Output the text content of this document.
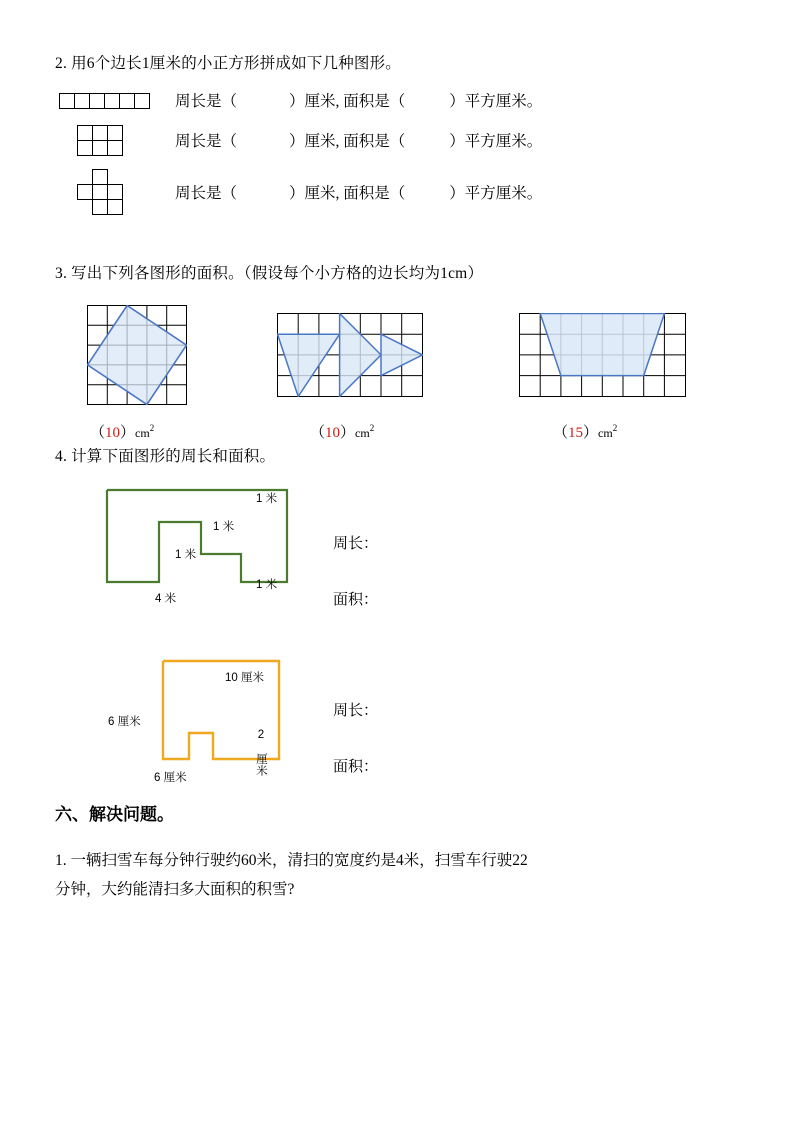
2. 用6个边长1厘米的小正方形拼成如下几种图形。
周长是（	）厘米, 面积是（	）平方厘米。
周长是（	）厘米, 面积是（	）平方厘米。
周长是（	）厘米, 面积是（	）平方厘米。
3. 写出下列各图形的面积。（假设每个小方格的边长均为1cm）
$(10)cm^2$	$(10)cm^2$	$(15)cm^2$
4. 计算下面图形的周长和面积。
1 米
1 米
1 米
1 米
4 米
周长：
面积：
10 厘米
6 厘米
2 厘米
6 厘米
周长：
面积：
六、解决问题。
1. 一辆扫雪车每分钟行驶约60米，清扫的宽度约是4米，扫雪车行驶22
分钟，大约能清扫多大面积的积雪?
